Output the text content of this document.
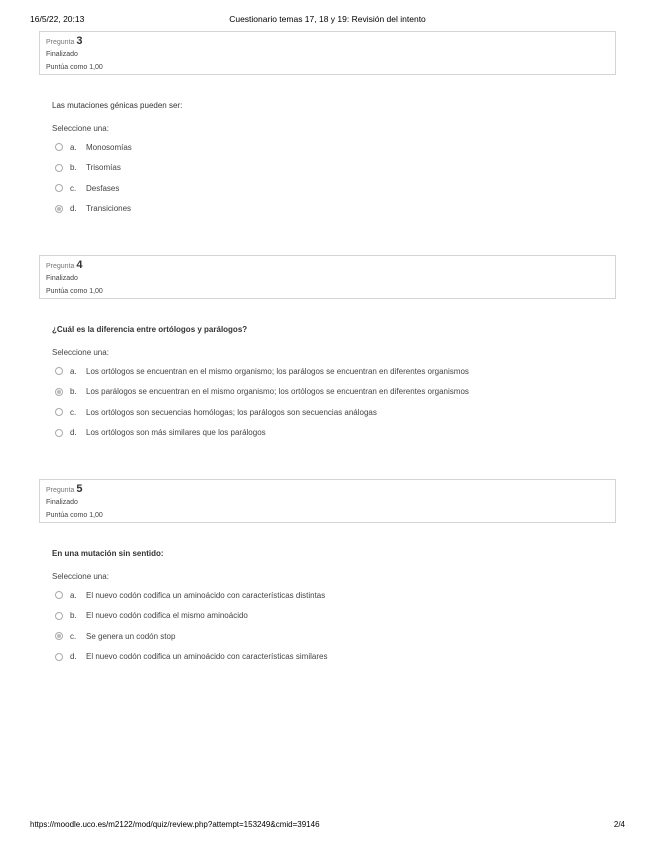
16/5/22, 20:13	Cuestionario temas 17, 18 y 19: Revisión del intento
Pregunta 3
Finalizado
Puntúa como 1,00
Las mutaciones génicas pueden ser:
Seleccione una:
a.	Monosomías
b.	Trisomías
c.	Desfases
d.	Transiciones
Pregunta 4
Finalizado
Puntúa como 1,00
¿Cuál es la diferencia entre ortólogos y parálogos?
Seleccione una:
a.	Los ortólogos se encuentran en el mismo organismo; los parálogos se encuentran en diferentes organismos
b.	Los parálogos se encuentran en el mismo organismo; los ortólogos se encuentran en diferentes organismos
c.	Los ortólogos son secuencias homólogas; los parálogos son secuencias análogas
d.	Los ortólogos son más similares que los parálogos
Pregunta 5
Finalizado
Puntúa como 1,00
En una mutación sin sentido:
Seleccione una:
a.	El nuevo codón codifica un aminoácido con características distintas
b.	El nuevo codón codifica el mismo aminoácido
c.	Se genera un codón stop
d.	El nuevo codón codifica un aminoácido con características similares
https://moodle.uco.es/m2122/mod/quiz/review.php?attempt=153249&cmid=39146	2/4
